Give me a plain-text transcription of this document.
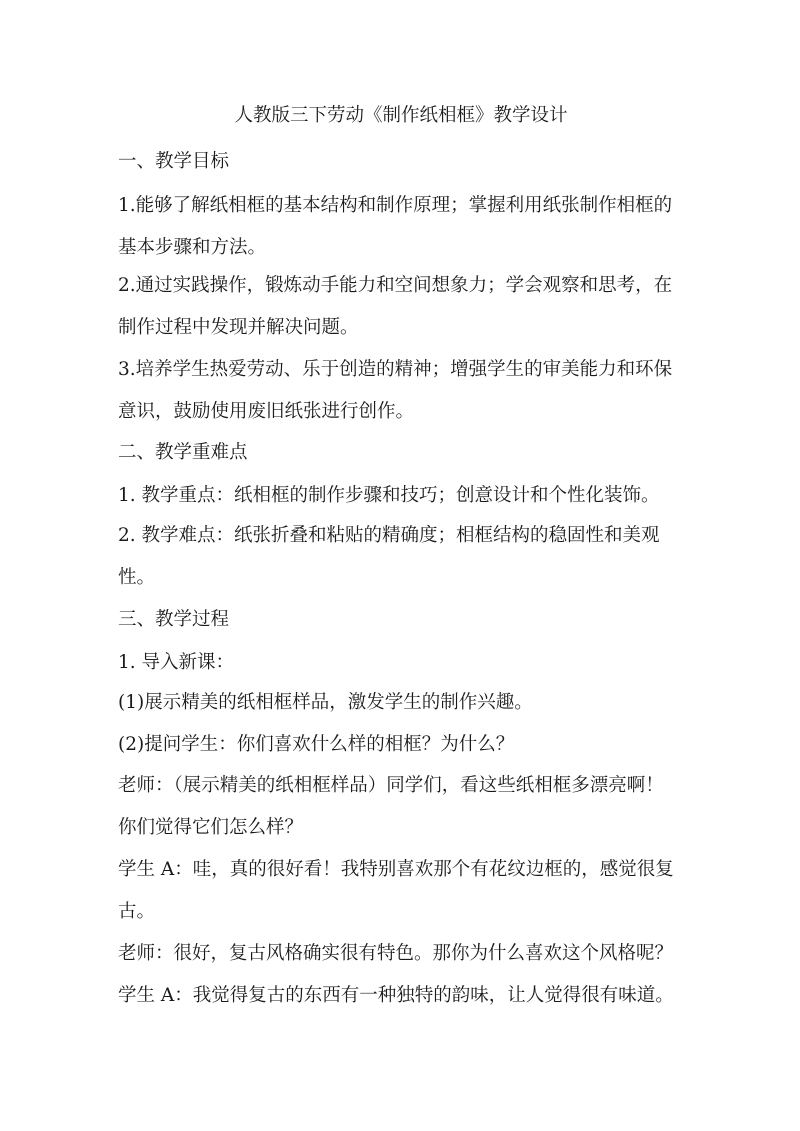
人教版三下劳动《制作纸相框》教学设计
一、教学目标
1.能够了解纸相框的基本结构和制作原理；掌握利用纸张制作相框的
基本步骤和方法。
2.通过实践操作，锻炼动手能力和空间想象力；学会观察和思考，在
制作过程中发现并解决问题。
3.培养学生热爱劳动、乐于创造的精神；增强学生的审美能力和环保
意识，鼓励使用废旧纸张进行创作。
二、教学重难点
1. 教学重点：纸相框的制作步骤和技巧；创意设计和个性化装饰。
2. 教学难点：纸张折叠和粘贴的精确度；相框结构的稳固性和美观
性。
三、教学过程
1. 导入新课：
(1)展示精美的纸相框样品，激发学生的制作兴趣。
(2)提问学生：你们喜欢什么样的相框？为什么？
老师：（展示精美的纸相框样品）同学们，看这些纸相框多漂亮啊！
你们觉得它们怎么样？
学生 A：哇，真的很好看！我特别喜欢那个有花纹边框的，感觉很复
古。
老师：很好，复古风格确实很有特色。那你为什么喜欢这个风格呢？
学生 A：我觉得复古的东西有一种独特的韵味，让人觉得很有味道。
